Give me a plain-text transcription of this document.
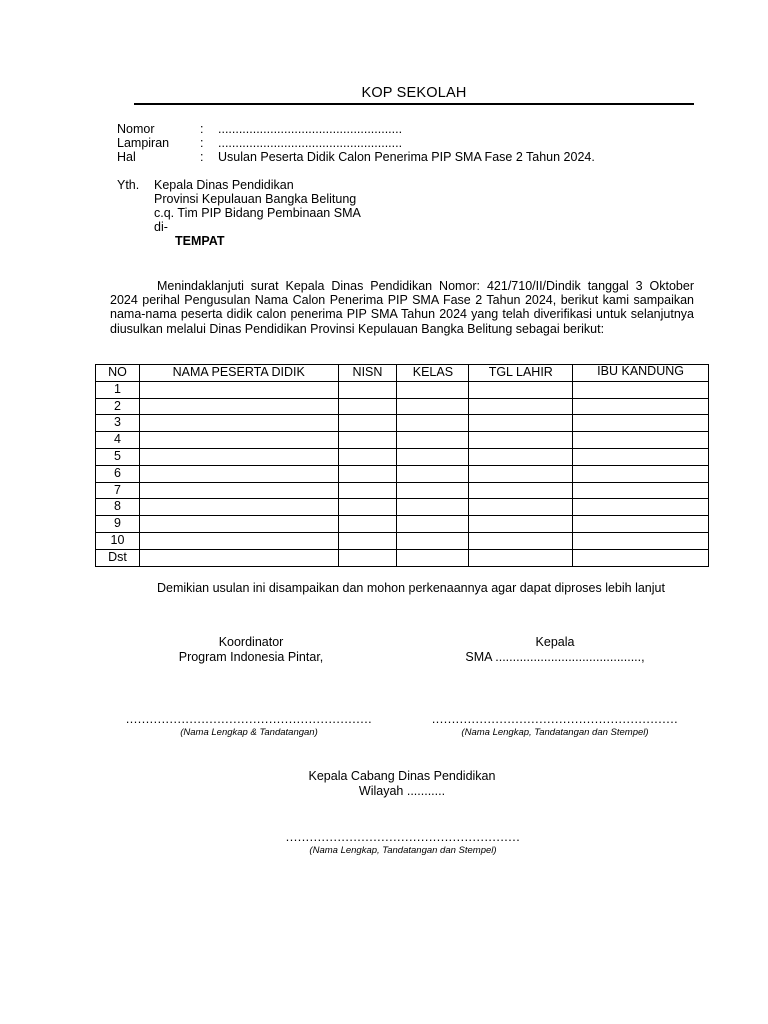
KOP SEKOLAH
Nomor	: .....................................................
Lampiran : .....................................................
Hal	: Usulan Peserta Didik Calon Penerima PIP SMA Fase 2 Tahun 2024.
Yth. Kepala Dinas Pendidikan
Provinsi Kepulauan Bangka Belitung
c.q. Tim PIP Bidang Pembinaan SMA
di-
TEMPAT
Menindaklanjuti surat Kepala Dinas Pendidikan Nomor: 421/710/II/Dindik tanggal 3 Oktober 2024 perihal Pengusulan Nama Calon Penerima PIP SMA Fase 2 Tahun 2024, berikut kami sampaikan nama-nama peserta didik calon penerima PIP SMA Tahun 2024 yang telah diverifikasi untuk selanjutnya diusulkan melalui Dinas Pendidikan Provinsi Kepulauan Bangka Belitung sebagai berikut:
NO	NAMA PESERTA DIDIK	NISN	KELAS	TGL LAHIR	IBU KANDUNG
1					
2					
3					
4					
5					
6					
7					
8					
9					
10					
Dst					
Demikian usulan ini disampaikan dan mohon perkenaannya agar dapat diproses lebih lanjut
Koordinator
Program Indonesia Pintar,
..............................................................
(Nama Lengkap & Tandatangan)
Kepala
SMA ..........................................,
..............................................................
(Nama Lengkap, Tandatangan dan Stempel)
Kepala Cabang Dinas Pendidikan
Wilayah ...........
...........................................................
(Nama Lengkap, Tandatangan dan Stempel)
